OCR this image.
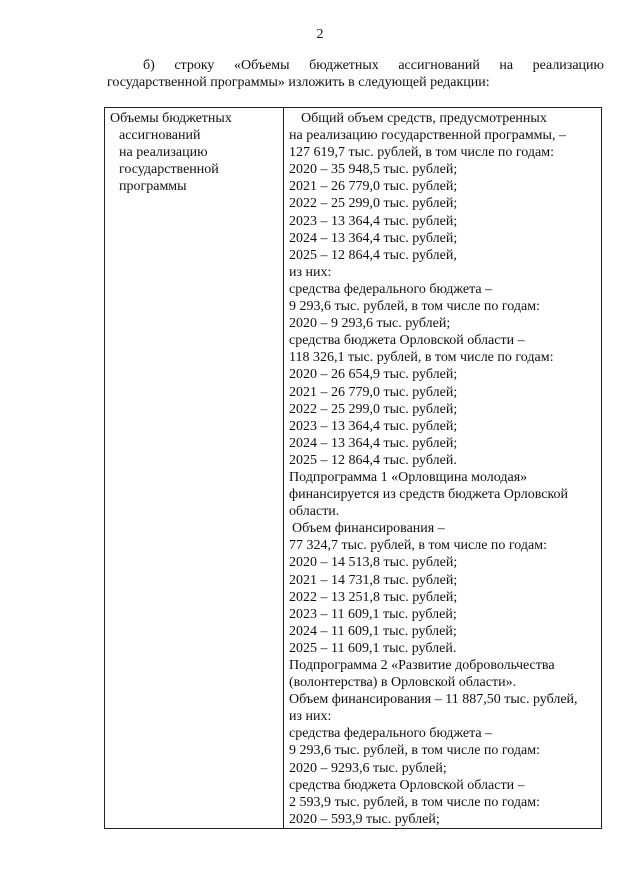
2
б) строку «Объемы бюджетных ассигнований на реализацию
государственной программы» изложить в следующей редакции:
Объемы бюджетных
ассигнований
на реализацию
государственной
программы

Общий объем средств, предусмотренных
на реализацию государственной программы, –
127 619,7 тыс. рублей, в том числе по годам:
2020 – 35 948,5 тыс. рублей;
2021 – 26 779,0 тыс. рублей;
2022 – 25 299,0 тыс. рублей;
2023 – 13 364,4 тыс. рублей;
2024 – 13 364,4 тыс. рублей;
2025 – 12 864,4 тыс. рублей,
из них:
средства федерального бюджета –
9 293,6 тыс. рублей, в том числе по годам:
2020 – 9 293,6 тыс. рублей;
средства бюджета Орловской области –
118 326,1 тыс. рублей, в том числе по годам:
2020 – 26 654,9 тыс. рублей;
2021 – 26 779,0 тыс. рублей;
2022 – 25 299,0 тыс. рублей;
2023 – 13 364,4 тыс. рублей;
2024 – 13 364,4 тыс. рублей;
2025 – 12 864,4 тыс. рублей.
Подпрограмма 1 «Орловщина молодая»
финансируется из средств бюджета Орловской
области.
Объем финансирования –
77 324,7 тыс. рублей, в том числе по годам:
2020 – 14 513,8 тыс. рублей;
2021 – 14 731,8 тыс. рублей;
2022 – 13 251,8 тыс. рублей;
2023 – 11 609,1 тыс. рублей;
2024 – 11 609,1 тыс. рублей;
2025 – 11 609,1 тыс. рублей.
Подпрограмма 2 «Развитие добровольчества
(волонтерства) в Орловской области».
Объем финансирования – 11 887,50 тыс. рублей,
из них:
средства федерального бюджета –
9 293,6 тыс. рублей, в том числе по годам:
2020 – 9293,6 тыс. рублей;
средства бюджета Орловской области –
2 593,9 тыс. рублей, в том числе по годам:
2020 – 593,9 тыс. рублей;
